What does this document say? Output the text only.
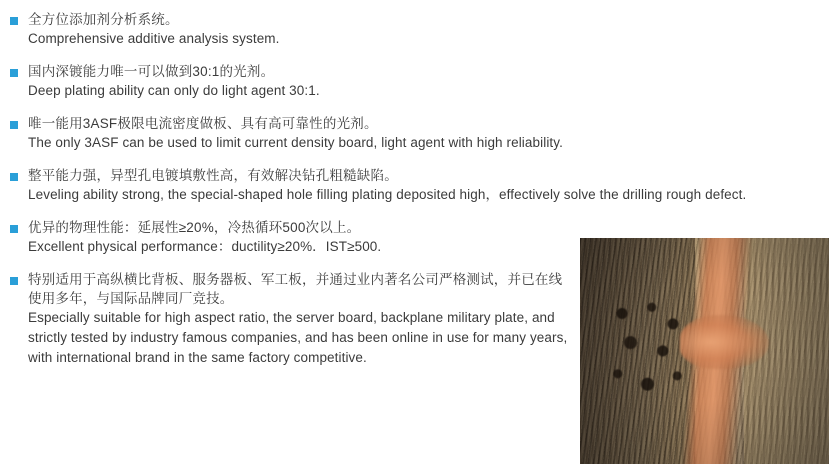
全方位添加剂分析系统。
Comprehensive additive analysis system.
国内深镀能力唯一可以做到30:1的光剂。
Deep plating ability can only do light agent 30:1.
唯一能用3ASF极限电流密度做板、具有高可靠性的光剂。
The only 3ASF can be used to limit current density board, light agent with high reliability.
整平能力强，异型孔电镀填敷性高，有效解决钻孔粗糙缺陷。
Leveling ability strong, the special-shaped hole filling plating deposited high，effectively solve the drilling rough defect.
优异的物理性能：延展性≥20%，冷热循环500次以上。
Excellent physical performance：ductility≥20%．IST≥500.
特别适用于高纵横比背板、服务器板、军工板，并通过业内著名公司严格测试，并已在线使用多年，与国际品牌同厂竞技。
Especially suitable for high aspect ratio, the server board, backplane military plate, and strictly tested by industry famous companies, and has been online in use for many years, with international brand in the same factory competitive.
